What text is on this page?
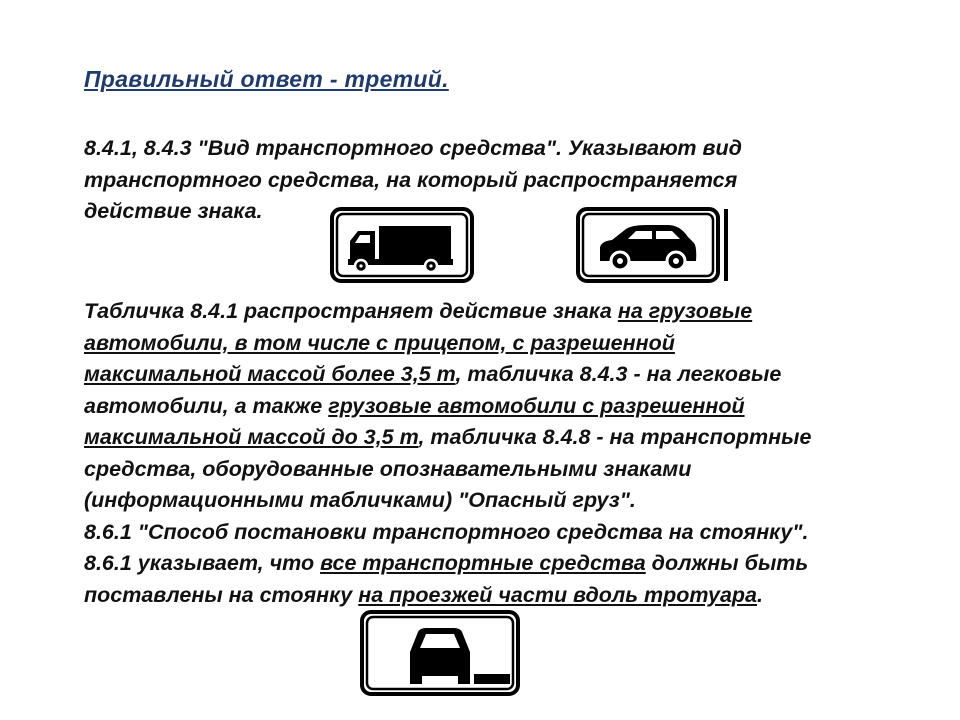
Правильный ответ - третий.

8.4.1, 8.4.3 "Вид транспортного средства". Указывают вид
транспортного средства, на который распространяется
действие знака.

Табличка 8.4.1 распространяет действие знака на грузовые
автомобили, в том числе с прицепом, с разрешенной
максимальной массой более 3,5 т, табличка 8.4.3 - на легковые
автомобили, а также грузовые автомобили с разрешенной
максимальной массой до 3,5 т, табличка 8.4.8 - на транспортные
средства, оборудованные опознавательными знаками
(информационными табличками) "Опасный груз".
8.6.1 "Способ постановки транспортного средства на стоянку".
8.6.1 указывает, что все транспортные средства должны быть
поставлены на стоянку на проезжей части вдоль тротуара.
